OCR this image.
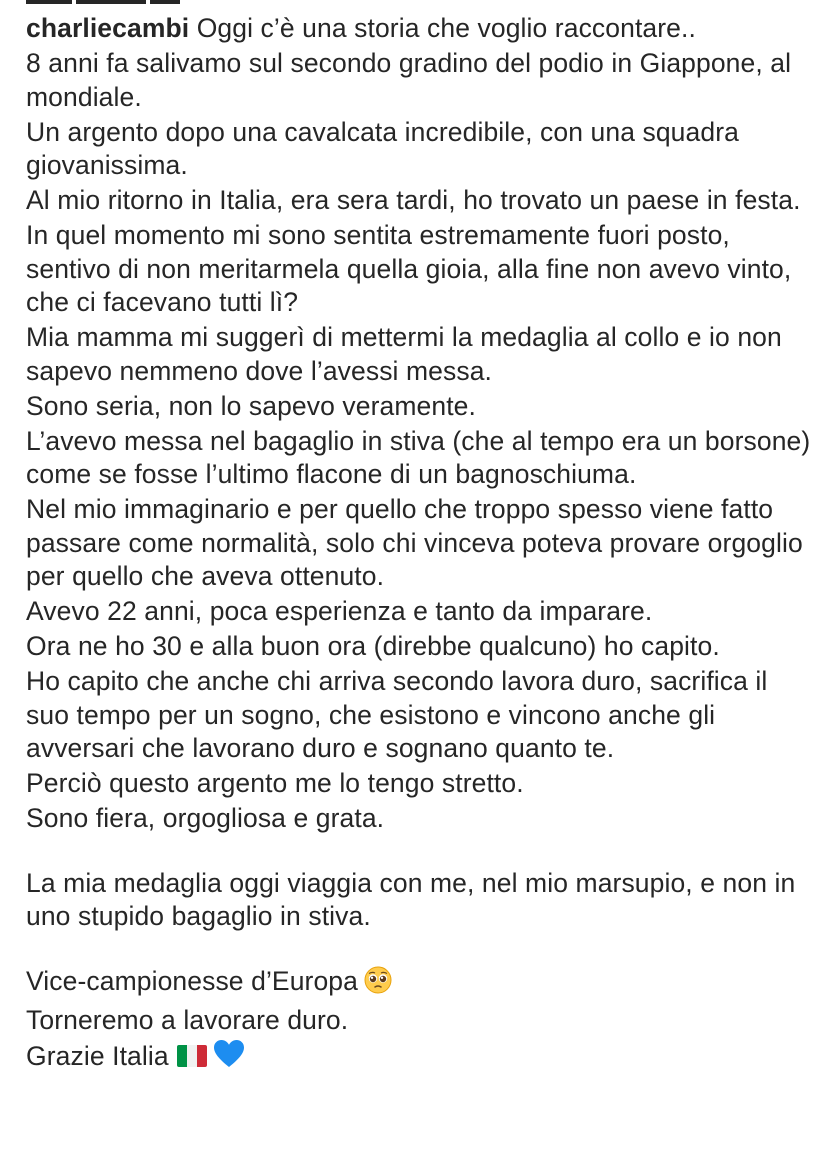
charliecambi Oggi c’è una storia che voglio raccontare..

8 anni fa salivamo sul secondo gradino del podio in Giappone, al mondiale.

Un argento dopo una cavalcata incredibile, con una squadra giovanissima.

Al mio ritorno in Italia, era sera tardi, ho trovato un paese in festa.

In quel momento mi sono sentita estremamente fuori posto, sentivo di non meritarmela quella gioia, alla fine non avevo vinto, che ci facevano tutti lì?

Mia mamma mi suggerì di mettermi la medaglia al collo e io non sapevo nemmeno dove l’avessi messa.

Sono seria, non lo sapevo veramente.

L’avevo messa nel bagaglio in stiva (che al tempo era un borsone) come se fosse l’ultimo flacone di un bagnoschiuma.

Nel mio immaginario e per quello che troppo spesso viene fatto passare come normalità, solo chi vinceva poteva provare orgoglio per quello che aveva ottenuto.

Avevo 22 anni, poca esperienza e tanto da imparare.

Ora ne ho 30 e alla buon ora (direbbe qualcuno) ho capito.

Ho capito che anche chi arriva secondo lavora duro, sacrifica il suo tempo per un sogno, che esistono e vincono anche gli avversari che lavorano duro e sognano quanto te.

Perciò questo argento me lo tengo stretto.

Sono fiera, orgogliosa e grata.

La mia medaglia oggi viaggia con me, nel mio marsupio, e non in uno stupido bagaglio in stiva.

Vice-campionesse d’Europa

Torneremo a lavorare duro.

Grazie Italia
